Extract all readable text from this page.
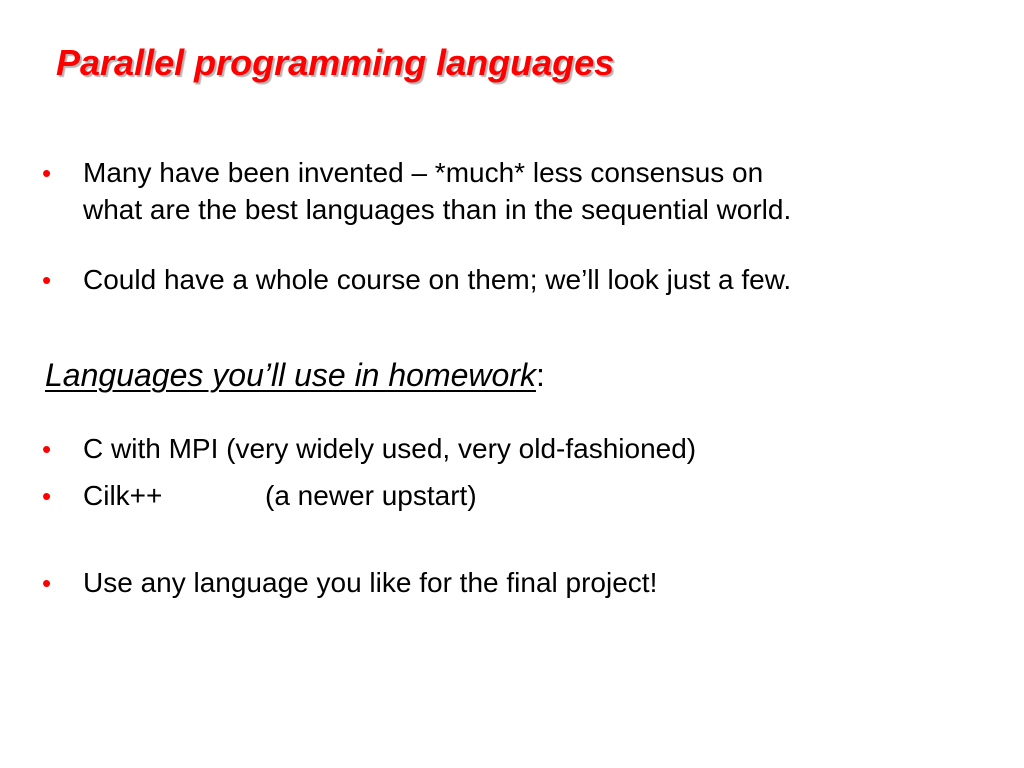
Parallel programming languages
• Many have been invented – *much* less consensus on
what are the best languages than in the sequential world.
• Could have a whole course on them; we’ll look just a few.
Languages you’ll use in homework:
• C with MPI (very widely used, very old-fashioned)
• Cilk++	(a newer upstart)
• Use any language you like for the final project!
